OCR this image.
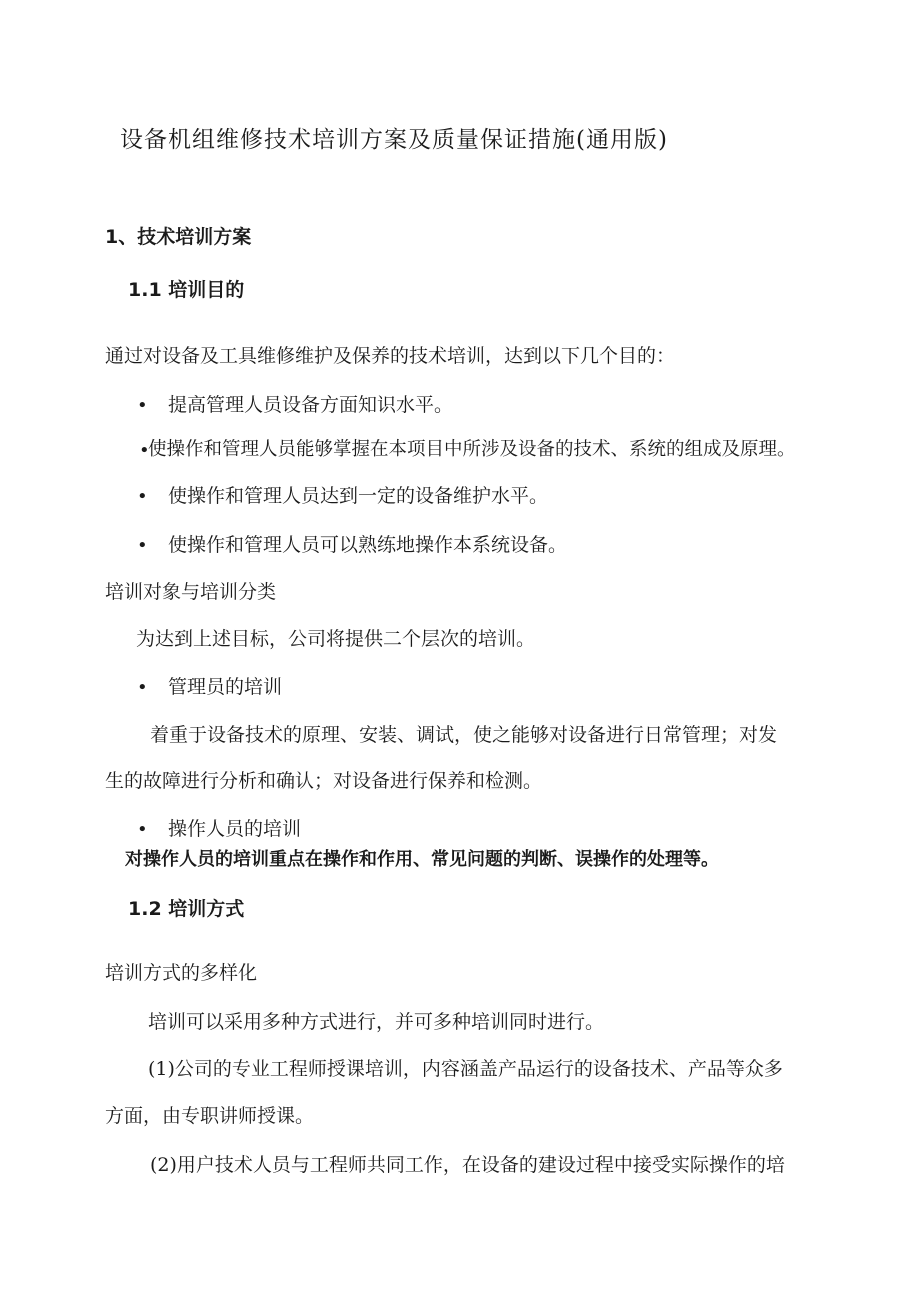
设备机组维修技术培训方案及质量保证措施(通用版)
1、技术培训方案
1.1 培训目的
通过对设备及工具维修维护及保养的技术培训，达到以下几个目的：
• 提高管理人员设备方面知识水平。
•
使操作和管理人员能够掌握在本项目中所涉及设备的技术、系统的组成及原理。
• 使操作和管理人员达到一定的设备维护水平。
• 使操作和管理人员可以熟练地操作本系统设备。
培训对象与培训分类
为达到上述目标，公司将提供二个层次的培训。
• 管理员的培训
着重于设备技术的原理、安装、调试，使之能够对设备进行日常管理；对发
生的故障进行分析和确认；对设备进行保养和检测。
• 操作人员的培训
对操作人员的培训重点在操作和作用、常见问题的判断、误操作的处理等。
1.2 培训方式
培训方式的多样化
培训可以采用多种方式进行，并可多种培训同时进行。
(1)公司的专业工程师授课培训，内容涵盖产品运行的设备技术、产品等众多
方面，由专职讲师授课。
(2)用户技术人员与工程师共同工作，在设备的建设过程中接受实际操作的培
